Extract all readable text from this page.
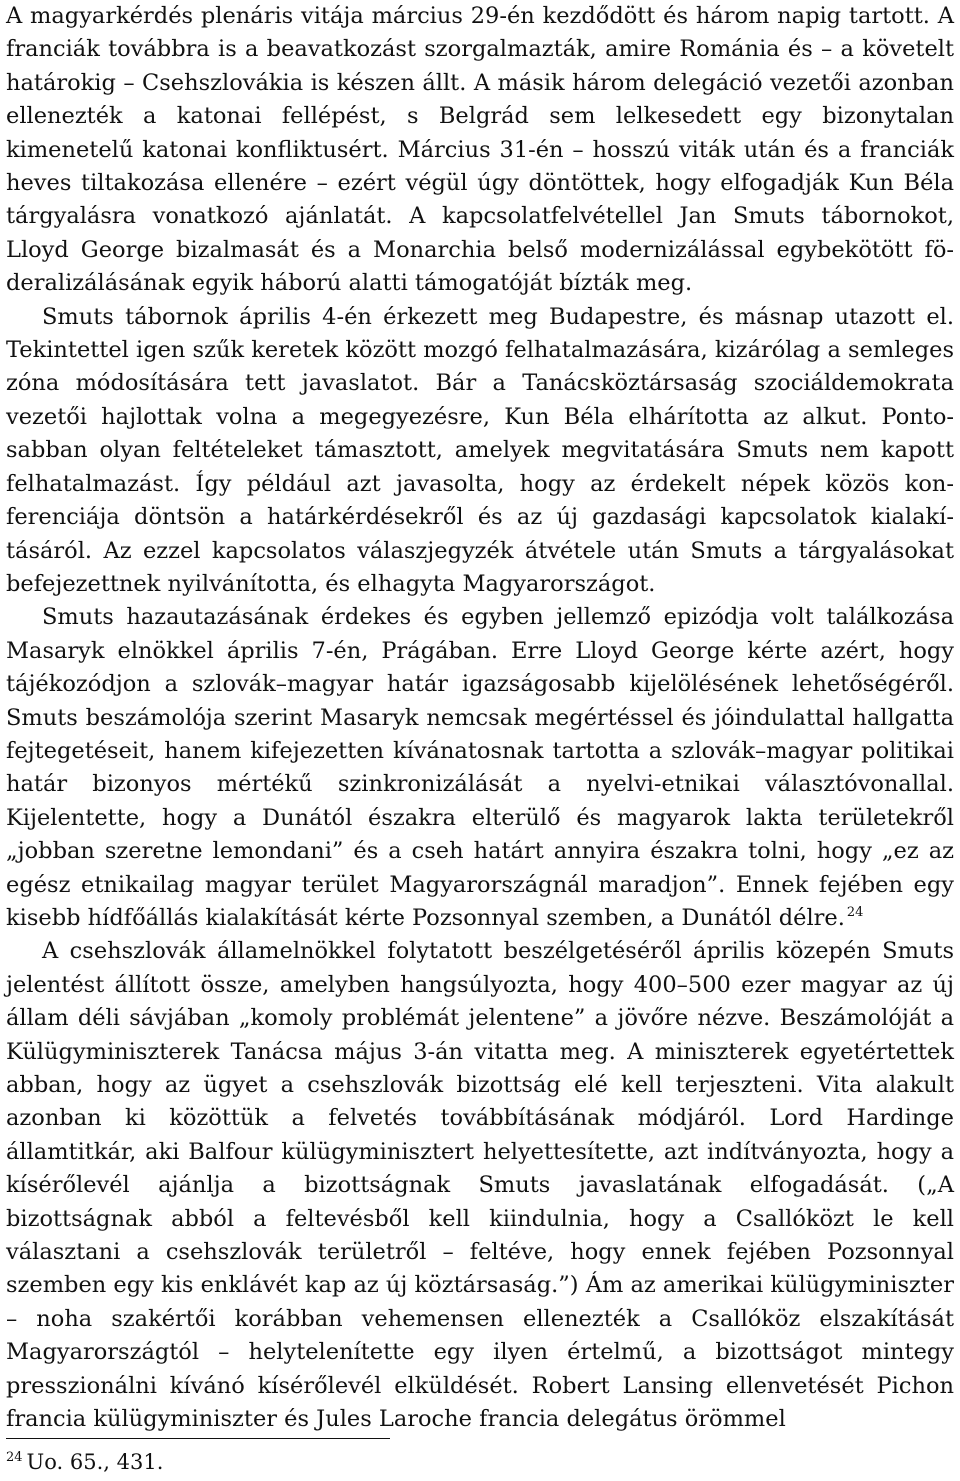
A magyarkérdés plenáris vitája március 29-én kezdődött és három napig tartott. A franciák továbbra is a beavatkozást szorgalmazták, amire Románia és – a követelt határokig – Csehszlovákia is készen állt. A másik három delegáció vezetői azonban ellenezték a katonai fellépést, s Belgrád sem lelkesedett egy bizonytalan kimenetelű katonai konfliktusért. Március 31-én – hosszú viták után és a franciák heves tiltakozása ellenére – ezért végül úgy döntöttek, hogy elfogadják Kun Béla tárgyalásra vonatkozó ajánlatát. A kapcsolatfelvétellel Jan Smuts tábornokot, Lloyd George bizalmasát és a Monarchia belső modernizálással egybekötött föderalizálásának egyik háború alatti támogatóját bízták meg.

Smuts tábornok április 4-én érkezett meg Budapestre, és másnap utazott el. Tekintettel igen szűk keretek között mozgó felhatalmazására, kizárólag a semleges zóna módosítására tett javaslatot. Bár a Tanácsköztársaság szociáldemokrata vezetői hajlottak volna a megegyezésre, Kun Béla elhárította az alkut. Pontosabban olyan feltételeket támasztott, amelyek megvitatására Smuts nem kapott felhatalmazást. Így például azt javasolta, hogy az érdekelt népek közös konferenciája döntsön a határkérdésekről és az új gazdasági kapcsolatok kialakításáról. Az ezzel kapcsolatos válaszjegyzék átvétele után Smuts a tárgyalásokat befejezettnek nyilvánította, és elhagyta Magyarországot.

Smuts hazautazásának érdekes és egyben jellemző epizódja volt találkozása Masaryk elnökkel április 7-én, Prágában. Erre Lloyd George kérte azért, hogy tájékozódjon a szlovák–magyar határ igazságosabb kijelölésének lehetőségéről. Smuts beszámolója szerint Masaryk nemcsak megértéssel és jóindulattal hallgatta fejtegetéseit, hanem kifejezetten kívánatosnak tartotta a szlovák–magyar politikai határ bizonyos mértékű szinkronizálását a nyelvi-etnikai választóvonallal. Kijelentette, hogy a Dunától északra elterülő és magyarok lakta területekről „jobban szeretne lemondani” és a cseh határt annyira északra tolni, hogy „ez az egész etnikailag magyar terület Magyarországnál maradjon”. Ennek fejében egy kisebb hídfőállás kialakítását kérte Pozsonnyal szemben, a Dunától délre. $^{24}$

A csehszlovák államelnökkel folytatott beszélgetéséről április közepén Smuts jelentést állított össze, amelyben hangsúlyozta, hogy 400–500 ezer magyar az új állam déli sávjában „komoly problémát jelentene” a jövőre nézve. Beszámolóját a Külügyminiszterek Tanácsa május 3-án vitatta meg. A miniszterek egyetértettek abban, hogy az ügyet a csehszlovák bizottság elé kell terjeszteni. Vita alakult azonban ki közöttük a felvetés továbbításának módjáról. Lord Hardinge államtitkár, aki Balfour külügyminisztert helyettesítette, azt indítványozta, hogy a kísérőlevél ajánlja a bizottságnak Smuts javaslatának elfogadását. („A bizottságnak abból a feltevésből kell kiindulnia, hogy a Csallóközt le kell választani a csehszlovák területről – feltéve, hogy ennek fejében Pozsonnyal szemben egy kis enklávét kap az új köztársaság.”) Ám az amerikai külügyminiszter – noha szakértői korábban vehemensen ellenezték a Csallóköz elszakítását Magyarországtól – helytelenítette egy ilyen értelmű, a bizottságot mintegy presszionálni kívánó kísérőlevél elküldését. Robert Lansing ellenvetését Pichon francia külügyminiszter és Jules Laroche francia delegátus örömmel

$^{24}$ Uo. 65., 431.
